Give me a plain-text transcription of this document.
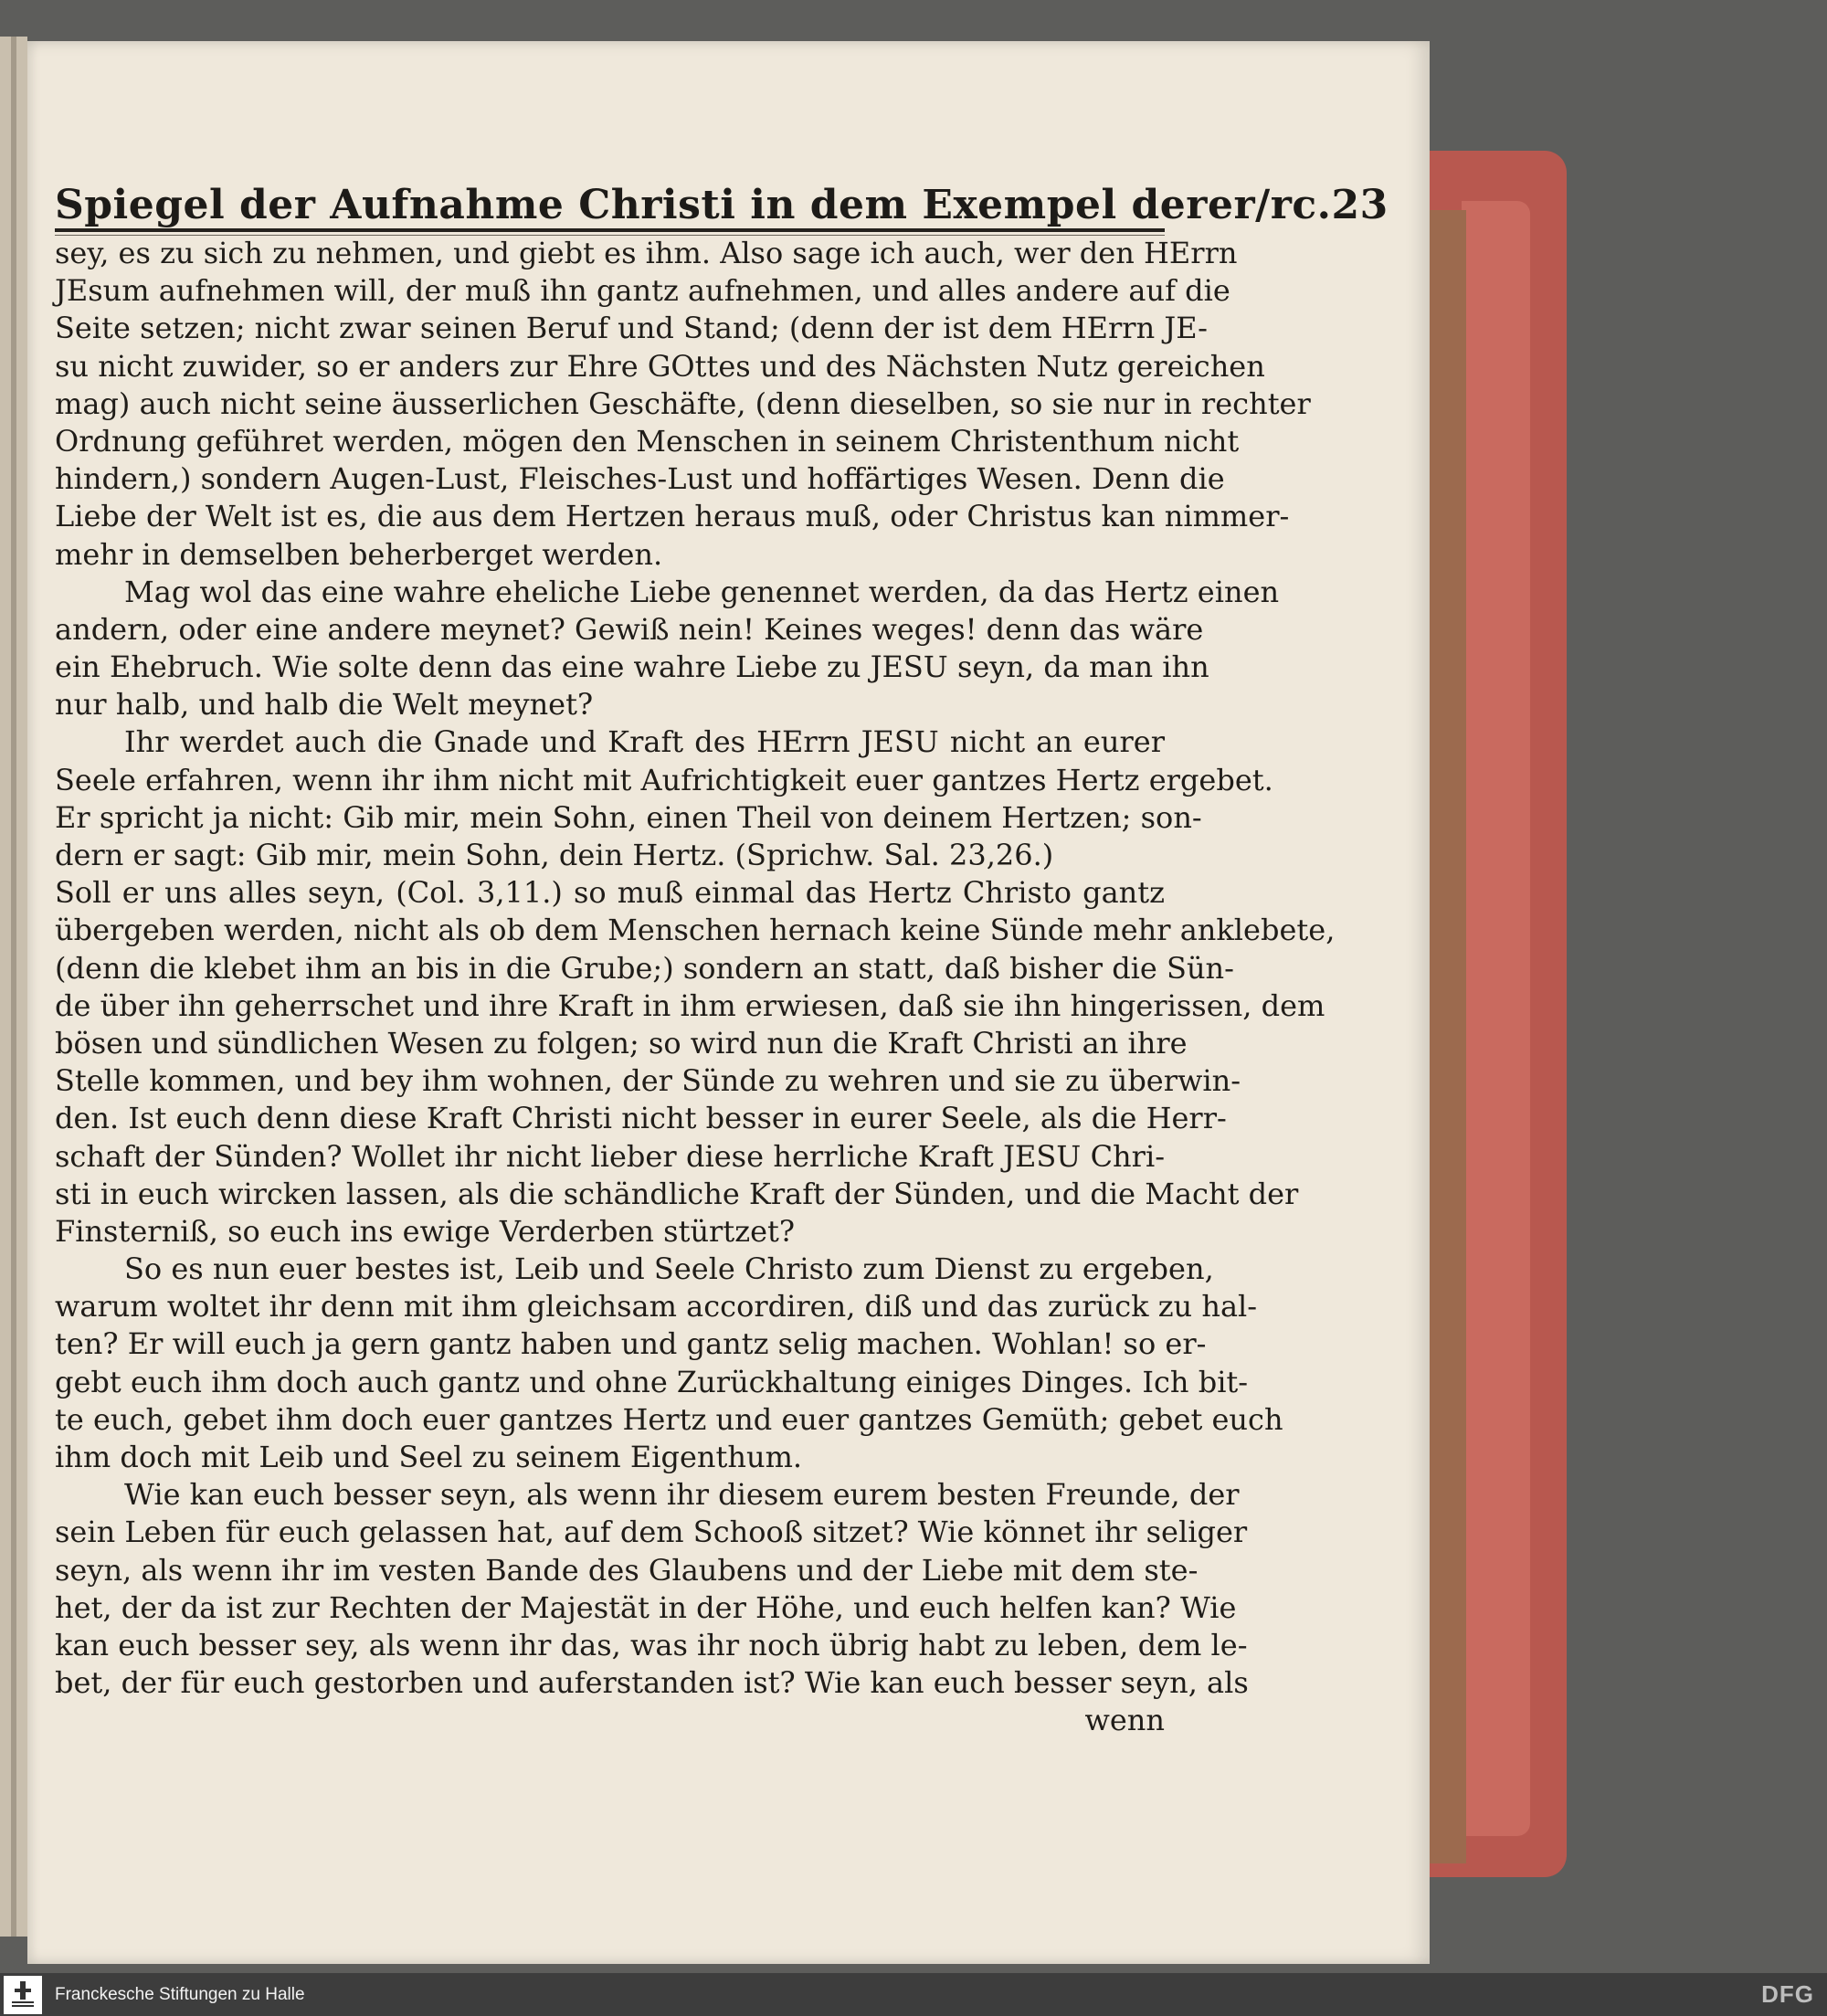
Spiegel der Aufnahme Christi in dem Exempel derer/rc. 23
sey, es zu sich zu nehmen, und giebt es ihm. Also sage ich auch, wer den HErrn
JEsum aufnehmen will, der muß ihn gantz aufnehmen, und alles andere auf die
Seite setzen; nicht zwar seinen Beruf und Stand; (denn der ist dem HErrn JE-
su nicht zuwider, so er anders zur Ehre GOttes und des Nächsten Nutz gereichen
mag) auch nicht seine äusserlichen Geschäfte, (denn dieselben, so sie nur in rechter
Ordnung geführet werden, mögen den Menschen in seinem Christenthum nicht
hindern,) sondern Augen-Lust, Fleisches-Lust und hoffärtiges Wesen. Denn die
Liebe der Welt ist es, die aus dem Hertzen heraus muß, oder Christus kan nimmer-
mehr in demselben beherberget werden.
Mag wol das eine wahre eheliche Liebe genennet werden, da das Hertz einen
andern, oder eine andere meynet? Gewiß nein! Keines weges! denn das wäre
ein Ehebruch. Wie solte denn das eine wahre Liebe zu JESU seyn, da man ihn
nur halb, und halb die Welt meynet?
Ihr werdet auch die Gnade und Kraft des HErrn JESU nicht an eurer
Seele erfahren, wenn ihr ihm nicht mit Aufrichtigkeit euer gantzes Hertz ergebet.
Er spricht ja nicht: Gib mir, mein Sohn, einen Theil von deinem Hertzen; son-
dern er sagt: Gib mir, mein Sohn, dein Hertz. (Sprichw. Sal. 23,26.)
Soll er uns alles seyn, (Col. 3,11.) so muß einmal das Hertz Christo gantz
übergeben werden, nicht als ob dem Menschen hernach keine Sünde mehr anklebete,
(denn die klebet ihm an bis in die Grube;) sondern an statt, daß bisher die Sün-
de über ihn geherrschet und ihre Kraft in ihm erwiesen, daß sie ihn hingerissen, dem
bösen und sündlichen Wesen zu folgen; so wird nun die Kraft Christi an ihre
Stelle kommen, und bey ihm wohnen, der Sünde zu wehren und sie zu überwin-
den. Ist euch denn diese Kraft Christi nicht besser in eurer Seele, als die Herr-
schaft der Sünden? Wollet ihr nicht lieber diese herrliche Kraft JESU Chri-
sti in euch wircken lassen, als die schändliche Kraft der Sünden, und die Macht der
Finsterniß, so euch ins ewige Verderben stürtzet?
So es nun euer bestes ist, Leib und Seele Christo zum Dienst zu ergeben,
warum woltet ihr denn mit ihm gleichsam accordiren, diß und das zurück zu hal-
ten? Er will euch ja gern gantz haben und gantz selig machen. Wohlan! so er-
gebt euch ihm doch auch gantz und ohne Zurückhaltung einiges Dinges. Ich bit-
te euch, gebet ihm doch euer gantzes Hertz und euer gantzes Gemüth; gebet euch
ihm doch mit Leib und Seel zu seinem Eigenthum.
Wie kan euch besser seyn, als wenn ihr diesem eurem besten Freunde, der
sein Leben für euch gelassen hat, auf dem Schooß sitzet? Wie könnet ihr seliger
seyn, als wenn ihr im vesten Bande des Glaubens und der Liebe mit dem ste-
het, der da ist zur Rechten der Majestät in der Höhe, und euch helfen kan? Wie
kan euch besser sey, als wenn ihr das, was ihr noch übrig habt zu leben, dem le-
bet, der für euch gestorben und auferstanden ist? Wie kan euch besser seyn, als
wenn
Franckesche Stiftungen zu Halle	DFG
